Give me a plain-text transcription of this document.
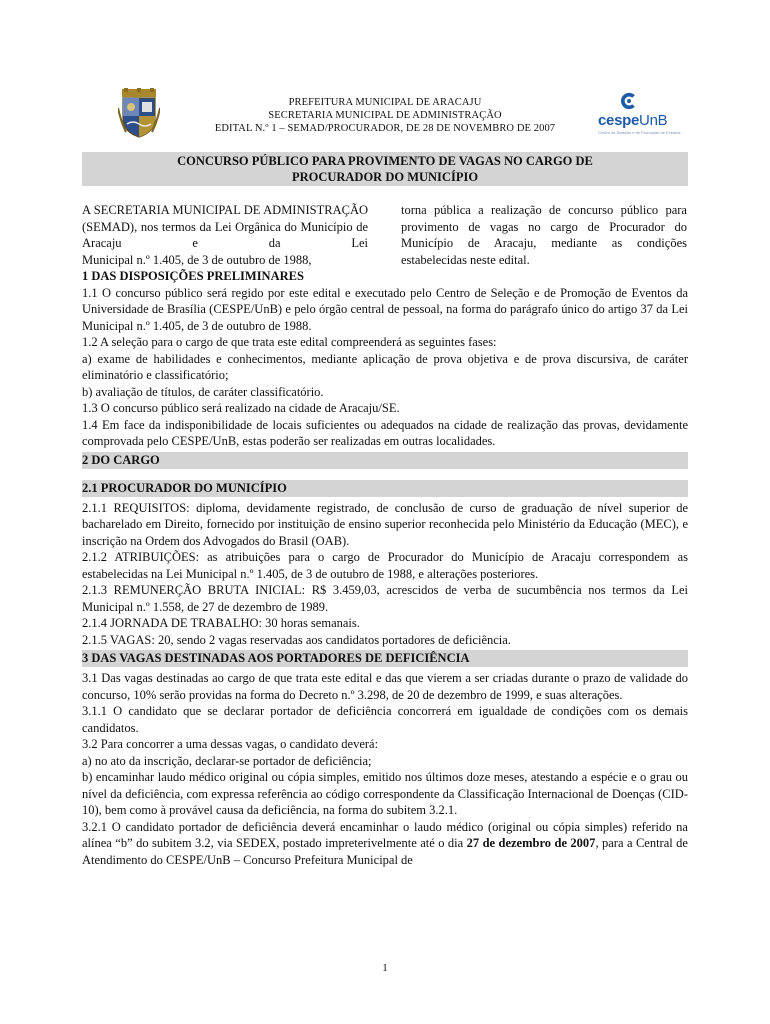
PREFEITURA MUNICIPAL DE ARACAJU
SECRETARIA MUNICIPAL DE ADMINISTRAÇÃO
EDITAL N.º 1 – SEMAD/PROCURADOR, DE 28 DE NOVEMBRO DE 2007	cespeUnB
Centro de Seleção e de Promoção de Eventos
CONCURSO PÚBLICO PARA PROVIMENTO DE VAGAS NO CARGO DE
PROCURADOR DO MUNICÍPIO
A SECRETARIA MUNICIPAL DE ADMINISTRAÇÃO (SEMAD), nos termos da Lei Orgânica do Município de Aracaju e da Lei
Municipal n.º 1.405, de 3 de outubro de 1988,
torna pública a realização de concurso público para provimento de vagas no cargo de Procurador do Município de Aracaju, mediante as condições estabelecidas neste edital.

1 DAS DISPOSIÇÕES PRELIMINARES

1.1 O concurso público será regido por este edital e executado pelo Centro de Seleção e de Promoção de Eventos da Universidade de Brasília (CESPE/UnB) e pelo órgão central de pessoal, na forma do parágrafo único do artigo 37 da Lei Municipal n.º 1.405, de 3 de outubro de 1988.

1.2 A seleção para o cargo de que trata este edital compreenderá as seguintes fases:

a) exame de habilidades e conhecimentos, mediante aplicação de prova objetiva e de prova discursiva, de caráter eliminatório e classificatório;

b) avaliação de títulos, de caráter classificatório.

1.3 O concurso público será realizado na cidade de Aracaju/SE.

1.4 Em face da indisponibilidade de locais suficientes ou adequados na cidade de realização das provas, devidamente comprovada pelo CESPE/UnB, estas poderão ser realizadas em outras localidades.

2 DO CARGO
2.1 PROCURADOR DO MUNICÍPIO

2.1.1 REQUISITOS: diploma, devidamente registrado, de conclusão de curso de graduação de nível superior de bacharelado em Direito, fornecido por instituição de ensino superior reconhecida pelo Ministério da Educação (MEC), e inscrição na Ordem dos Advogados do Brasil (OAB).

2.1.2 ATRIBUIÇÕES: as atribuições para o cargo de Procurador do Município de Aracaju correspondem as estabelecidas na Lei Municipal n.º 1.405, de 3 de outubro de 1988, e alterações posteriores.

2.1.3 REMUNERÇÃO BRUTA INICIAL: R$ 3.459,03, acrescidos de verba de sucumbência nos termos da Lei Municipal n.º 1.558, de 27 de dezembro de 1989.

2.1.4 JORNADA DE TRABALHO: 30 horas semanais.

2.1.5 VAGAS: 20, sendo 2 vagas reservadas aos candidatos portadores de deficiência.

3 DAS VAGAS DESTINADAS AOS PORTADORES DE DEFICIÊNCIA

3.1 Das vagas destinadas ao cargo de que trata este edital e das que vierem a ser criadas durante o prazo de validade do concurso, 10% serão providas na forma do Decreto n.º 3.298, de 20 de dezembro de 1999, e suas alterações.

3.1.1 O candidato que se declarar portador de deficiência concorrerá em igualdade de condições com os demais candidatos.

3.2 Para concorrer a uma dessas vagas, o candidato deverá:

a) no ato da inscrição, declarar-se portador de deficiência;

b) encaminhar laudo médico original ou cópia simples, emitido nos últimos doze meses, atestando a espécie e o grau ou nível da deficiência, com expressa referência ao código correspondente da Classificação Internacional de Doenças (CID-10), bem como à provável causa da deficiência, na forma do subitem 3.2.1.

3.2.1 O candidato portador de deficiência deverá encaminhar o laudo médico (original ou cópia simples) referido na alínea “b” do subitem 3.2, via SEDEX, postado impreterivelmente até o dia 27 de dezembro de 2007, para a Central de Atendimento do CESPE/UnB – Concurso Prefeitura Municipal de

1
